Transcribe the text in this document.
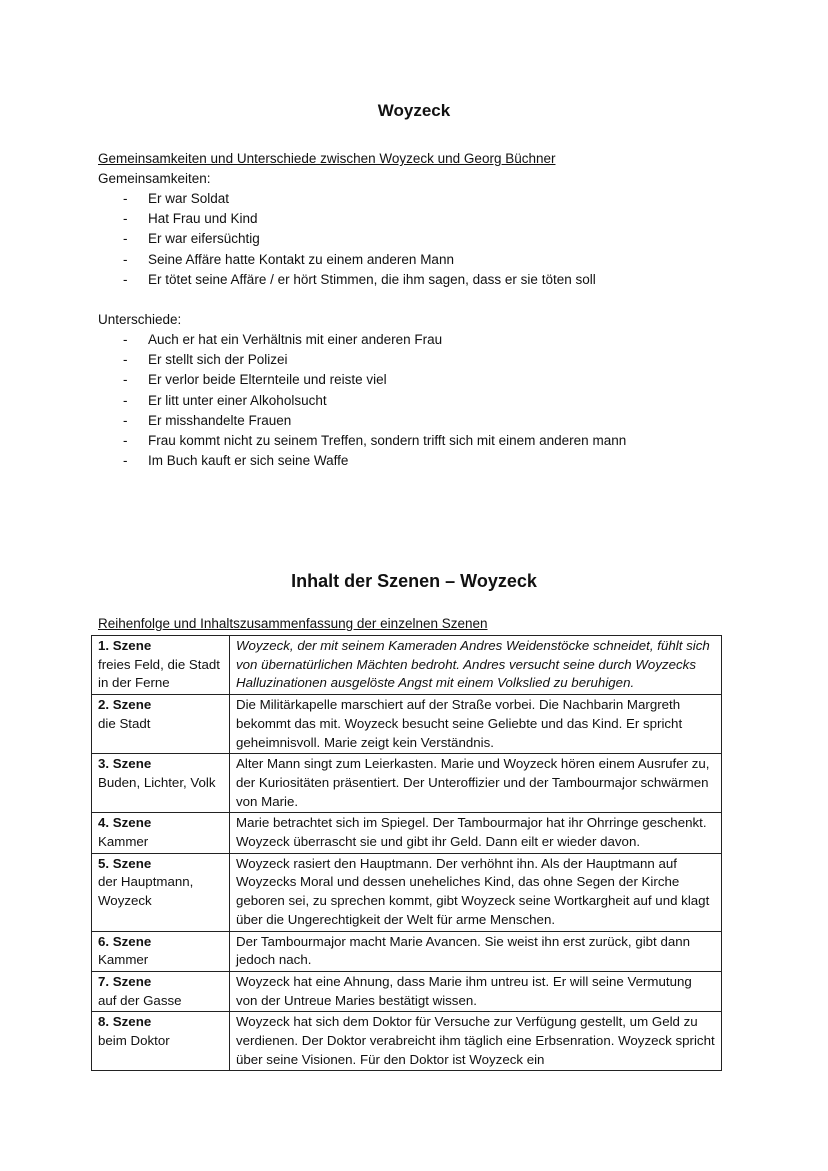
Woyzeck
Gemeinsamkeiten und Unterschiede zwischen Woyzeck und Georg Büchner
Gemeinsamkeiten:
- Er war Soldat
- Hat Frau und Kind
- Er war eifersüchtig
- Seine Affäre hatte Kontakt zu einem anderen Mann
- Er tötet seine Affäre / er hört Stimmen, die ihm sagen, dass er sie töten soll
Unterschiede:
- Auch er hat ein Verhältnis mit einer anderen Frau
- Er stellt sich der Polizei
- Er verlor beide Elternteile und reiste viel
- Er litt unter einer Alkoholsucht
- Er misshandelte Frauen
- Frau kommt nicht zu seinem Treffen, sondern trifft sich mit einem anderen mann
- Im Buch kauft er sich seine Waffe
Inhalt der Szenen – Woyzeck
Reihenfolge und Inhaltszusammenfassung der einzelnen Szenen
1. Szene
freies Feld, die Stadt in der Ferne	Woyzeck, der mit seinem Kameraden Andres Weidenstöcke schneidet, fühlt sich von übernatürlichen Mächten bedroht. Andres versucht seine durch Woyzecks Halluzinationen ausgelöste Angst mit einem Volkslied zu beruhigen.

2. Szene
die Stadt	Die Militärkapelle marschiert auf der Straße vorbei. Die Nachbarin Margreth bekommt das mit. Woyzeck besucht seine Geliebte und das Kind. Er spricht geheimnisvoll. Marie zeigt kein Verständnis.

3. Szene
Buden, Lichter, Volk	Alter Mann singt zum Leierkasten. Marie und Woyzeck hören einem Ausrufer zu, der Kuriositäten präsentiert. Der Unteroffizier und der Tambourmajor schwärmen von Marie.

4. Szene
Kammer	Marie betrachtet sich im Spiegel. Der Tambourmajor hat ihr Ohrringe geschenkt. Woyzeck überrascht sie und gibt ihr Geld. Dann eilt er wieder davon.

5. Szene
der Hauptmann, Woyzeck	Woyzeck rasiert den Hauptmann. Der verhöhnt ihn. Als der Hauptmann auf Woyzecks Moral und dessen uneheliches Kind, das ohne Segen der Kirche geboren sei, zu sprechen kommt, gibt Woyzeck seine Wortkargheit auf und klagt über die Ungerechtigkeit der Welt für arme Menschen.

6. Szene
Kammer	Der Tambourmajor macht Marie Avancen. Sie weist ihn erst zurück, gibt dann jedoch nach.

7. Szene
auf der Gasse	Woyzeck hat eine Ahnung, dass Marie ihm untreu ist. Er will seine Vermutung von der Untreue Maries bestätigt wissen.

8. Szene
beim Doktor	Woyzeck hat sich dem Doktor für Versuche zur Verfügung gestellt, um Geld zu verdienen. Der Doktor verabreicht ihm täglich eine Erbsenration. Woyzeck spricht über seine Visionen. Für den Doktor ist Woyzeck ein
